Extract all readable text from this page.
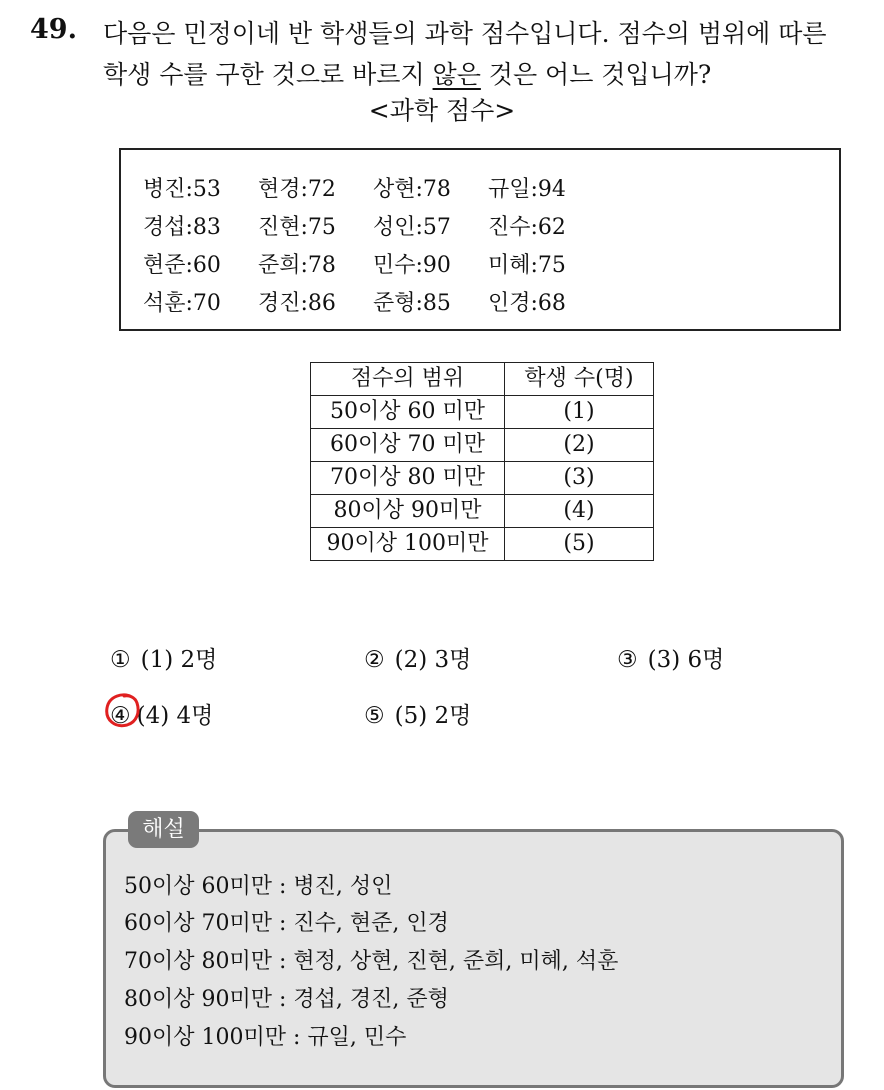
49. 다음은 민정이네 반 학생들의 과학 점수입니다. 점수의 범위에 따른
학생 수를 구한 것으로 바르지 않은 것은 어느 것입니까?
<과학 점수>
병진:53	현경:72	상현:78	규일:94
경섭:83	진현:75	성인:57	진수:62
현준:60	준희:78	민수:90	미혜:75
석훈:70	경진:86	준형:85	인경:68
점수의 범위	학생 수(명)
50이상 60 미만	(1)
60이상 70 미만	(2)
70이상 80 미만	(3)
80이상 90미만	(4)
90이상 100미만	(5)
① (1) 2명	② (2) 3명	③ (3) 6명
④ (4) 4명	⑤ (5) 2명
해설
50이상 60미만 : 병진, 성인
60이상 70미만 : 진수, 현준, 인경
70이상 80미만 : 현정, 상현, 진현, 준희, 미혜, 석훈
80이상 90미만 : 경섭, 경진, 준형
90이상 100미만 : 규일, 민수
